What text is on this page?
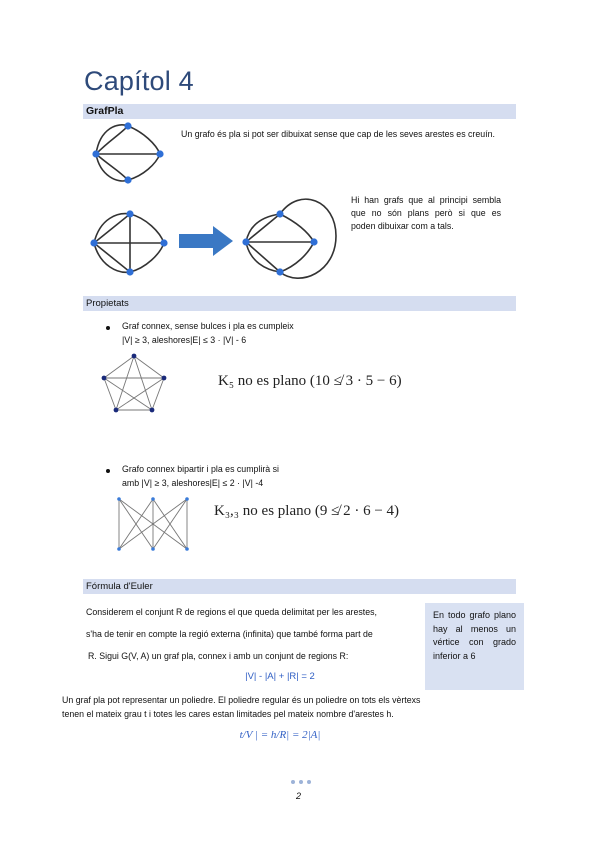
Capítol 4
GrafPla
Un grafo és pla si pot ser dibuixat sense que cap de les seves arestes es creuín.
Hi han grafs que al principi sembla que no són plans però si que es poden dibuixar com a tals.
Propietats
Graf connex, sense bulces i pla es cumpleix
|V| ≥ 3, aleshores|E| ≤ 3 · |V| - 6
K₅ no es plano (10 ≰ 3 · 5 − 6)
Grafo connex bipartir i pla es cumplirà si
amb |V| ≥ 3, aleshores|E| ≤ 2 · |V| -4
K₃,₃ no es plano (9 ≰ 2 · 6 − 4)
Fórmula d'Euler
Considerem el conjunt R de regions el que queda delimitat per les arestes,
s'ha de tenir en compte la regió externa (infinita) que també forma part de
R. Sigui G(V, A) un graf pla, connex i amb un conjunt de regions R:
|V| - |A| + |R| = 2
En todo grafo plano hay al menos un vértice con grado inferior a 6
Un graf pla pot representar un poliedre. El poliedre regular és un poliedre on tots els vèrtexs
tenen el mateix grau t i totes les cares estan limitades pel mateix nombre d'arestes h.
t/V | = h/R| = 2|A|
2
